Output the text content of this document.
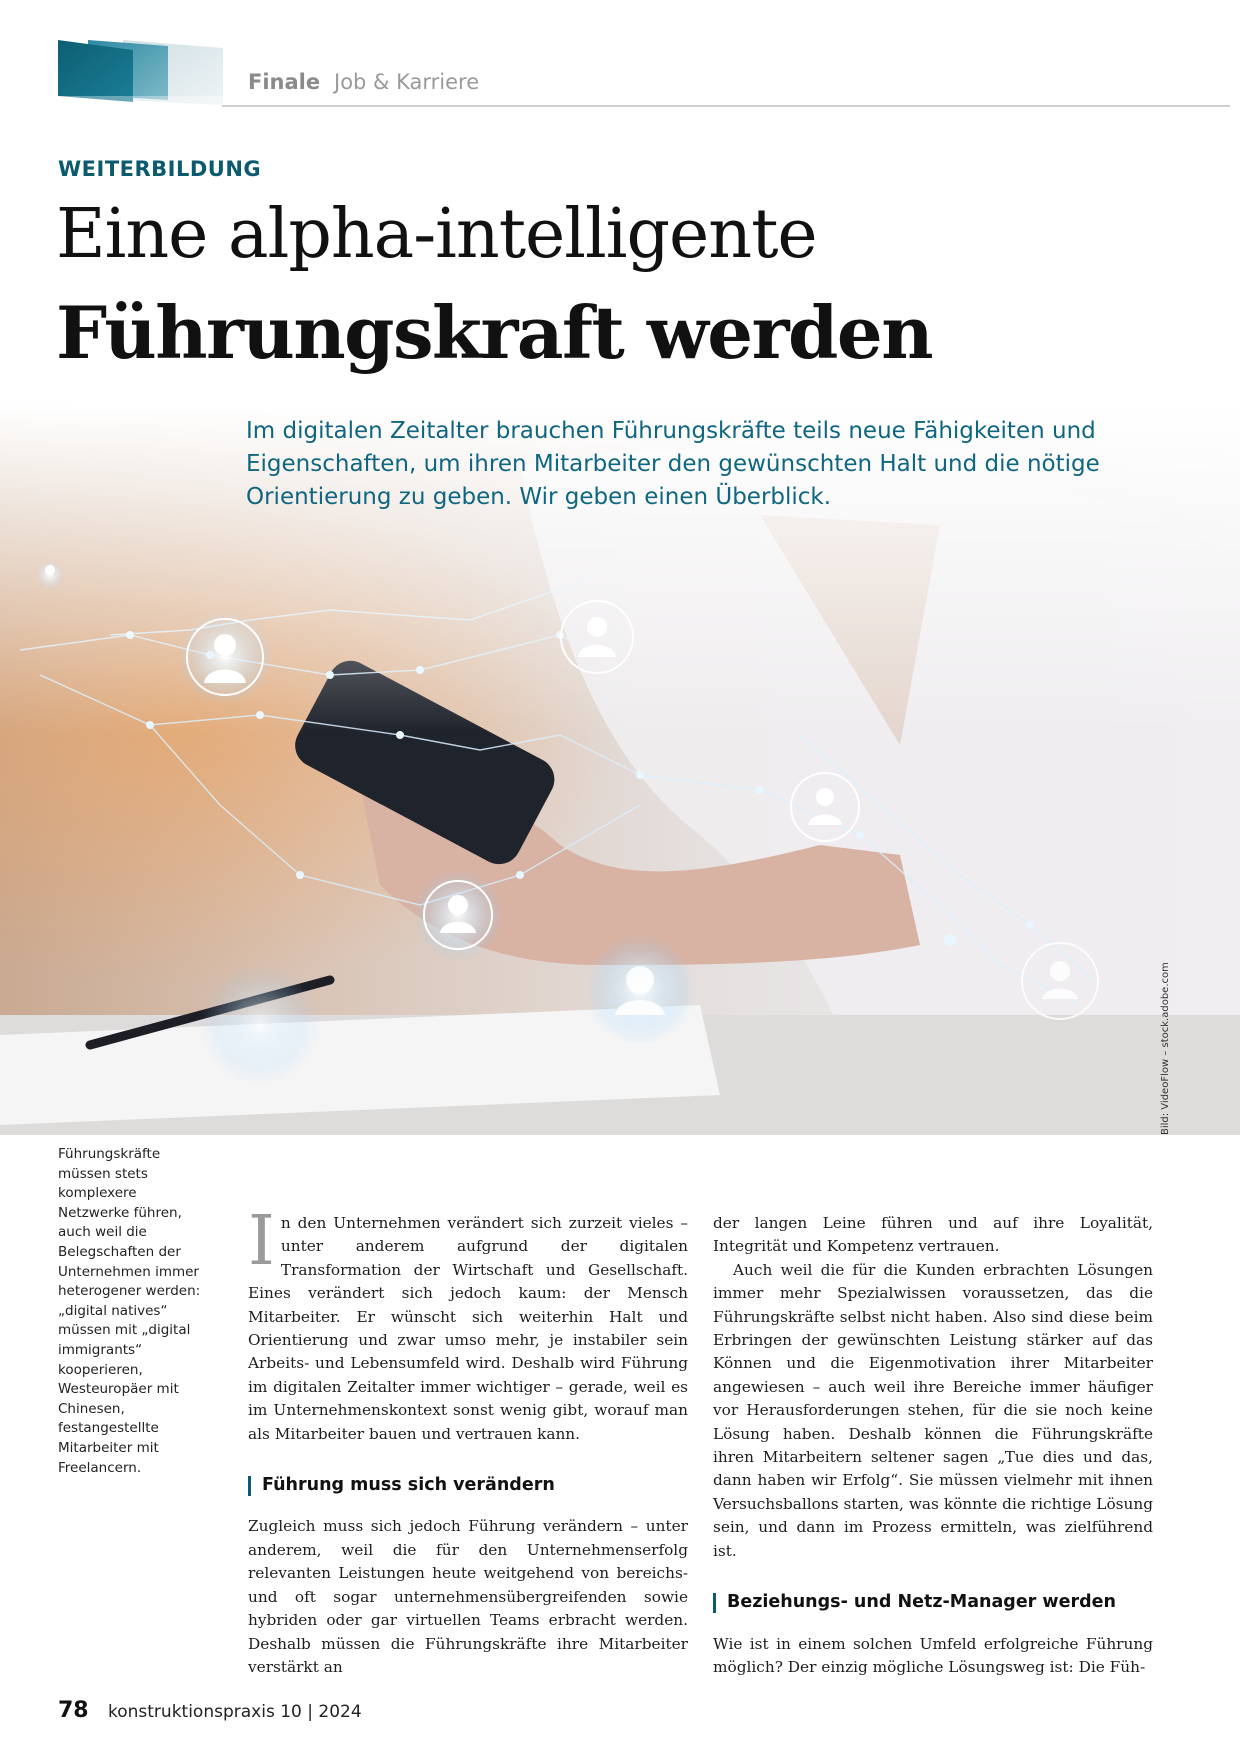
Finale Job & Karriere
WEITERBILDUNG
Eine alpha-intelligente
Führungskraft werden
Im digitalen Zeitalter brauchen Führungskräfte teils neue Fähigkeiten und Eigenschaften, um ihren Mitarbeiter den gewünschten Halt und die nötige Orientierung zu geben. Wir geben einen Überblick.
Bild: VideoFlow – stock.adobe.com
Führungskräfte müssen stets komplexere Netzwerke führen, auch weil die Belegschaften der Unternehmen immer heterogener werden: „digital natives“ müssen mit „digital immigrants“ kooperieren, Westeuropäer mit Chinesen, festangestellte Mitarbeiter mit Freelancern.

In den Unternehmen verändert sich zurzeit vieles – unter anderem aufgrund der digitalen Transformation der Wirtschaft und Gesellschaft. Eines verändert sich jedoch kaum: der Mensch Mitarbeiter. Er wünscht sich weiterhin Halt und Orientierung und zwar umso mehr, je instabiler sein Arbeits- und Lebensumfeld wird. Deshalb wird Führung im digitalen Zeitalter immer wichtiger – gerade, weil es im Unternehmenskontext sonst wenig gibt, worauf man als Mitarbeiter bauen und vertrauen kann.

Führung muss sich verändern

Zugleich muss sich jedoch Führung verändern – unter anderem, weil die für den Unternehmenserfolg relevanten Leistungen heute weitgehend von bereichs- und oft sogar unternehmensübergreifenden sowie hybriden oder gar virtuellen Teams erbracht werden. Deshalb müssen die Führungskräfte ihre Mitarbeiter verstärkt an

der langen Leine führen und auf ihre Loyalität, Integrität und Kompetenz vertrauen.

Auch weil die für die Kunden erbrachten Lösungen immer mehr Spezialwissen voraussetzen, das die Führungskräfte selbst nicht haben. Also sind diese beim Erbringen der gewünschten Leistung stärker auf das Können und die Eigenmotivation ihrer Mitarbeiter angewiesen – auch weil ihre Bereiche immer häufiger vor Herausforderungen stehen, für die sie noch keine Lösung haben. Deshalb können die Führungskräfte ihren Mitarbeitern seltener sagen „Tue dies und das, dann haben wir Erfolg“. Sie müssen vielmehr mit ihnen Versuchsballons starten, was könnte die richtige Lösung sein, und dann im Prozess ermitteln, was zielführend ist.

Beziehungs- und Netz-Manager werden

Wie ist in einem solchen Umfeld erfolgreiche Führung möglich? Der einzig mögliche Lösungsweg ist: Die Füh-

78 konstruktionspraxis 10 | 2024
